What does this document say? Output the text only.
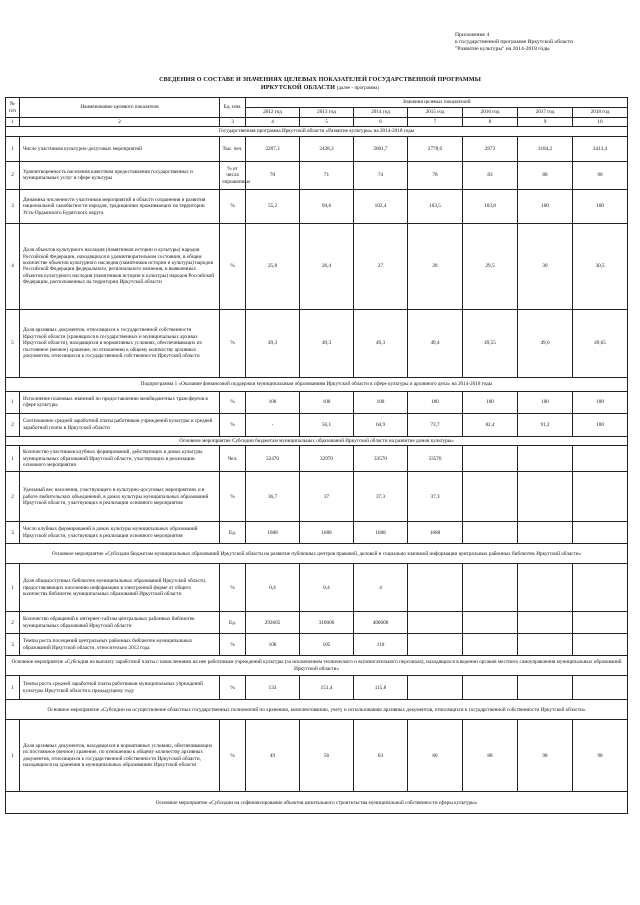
Приложение 4
к государственной программе Иркутской области
"Развитие культуры" на 2014-2018 годы
СВЕДЕНИЯ О СОСТАВЕ И ЗНАЧЕНИЯХ ЦЕЛЕВЫХ ПОКАЗАТЕЛЕЙ ГОСУДАРСТВЕННОЙ ПРОГРАММЫ
ИРКУТСКОЙ ОБЛАСТИ (далее - программа)
№ п/п	Наименование целевого показателя	Ед. изм.	Значения целевых показателей						
			2012 год	2013 год	2014 год	2015 год	2016 год	2017 год	2018 год
1	2	3	4	5	6	7	8	9	10
Государственная программа Иркутской области «Развитие культуры» на 2014-2018 годы									
1	Число участников культурно-досуговых мероприятий	Тыс. чел.	2287,3	2438,3	2601,7	2778,6	2973	3184,2	3413,4
2	Удовлетворенность населения качеством предоставления государственных и муниципальных услуг в сфере культуры	% от числа опрошенных	70	71	74	78	83	88	90
3	Динамика численности участников мероприятий в области сохранения и развития национальной самобытности народов, традиционно проживающих на территории Усть-Ордынского Бурятского округа	%	55,2	94,6	102,4	103,5	103,8	100	100
4	Доля объектов культурного наследия (памятников истории и культуры) народов Российской Федерации, находящихся в удовлетворительном состоянии, в общем количестве объектов культурного наследия (памятников истории и культуры) народов Российской Федерации федерального, регионального значения, и выявленных объектов культурного наследия (памятников истории и культуры) народов Российской Федерации, расположенных на территории Иркутской области	%	25,8	26,4	27	28	29,5	30	30,5
5	Доля архивных документов, относящихся к государственной собственности Иркутской области (хранящихся в государственных и муниципальных архивах Иркутской области), находящихся в нормативных условиях, обеспечивающих их постоянное (вечное) хранение, по отношению к общему количеству архивных документов, относящихся к государственной собственности Иркутской области	%	49,3	49,3	49,3	49,4	49,55	49,6	49,65
Подпрограмма 1 «Оказание финансовой поддержки муниципальным образованиям Иркутской области в сфере культуры и архивного дела» на 2014-2018 годы									
1	Исполнение плановых значений по предоставлению межбюджетных трансфертов в сфере культуры	%	100	100	100	100	100	100	100
2	Соотношение средней заработной платы работников учреждений культуры и средней заработной платы в Иркутской области	%	-	56,1	64,9	73,7	82,4	91,2	100
Основное мероприятие Субсидии бюджетам муниципальных образований Иркутской области на развитие домов культуры»									
1	Количество участников клубных формирований, действующих в домах культуры муниципальных образований Иркутской области, участвующих в реализации основного мероприятия	Чел.	32470	32970	33570	33570			
2	Удельный вес населения, участвующего в культурно-досуговых мероприятиях и в работе любительских объединений, в домах культуры муниципальных образований Иркутской области, участвующих в реализации основного мероприятия	%	36,7	37	37,3	37,3			
3	Число клубных формирований в домах культуры муниципальных образований Иркутской области, участвующих в реализации основного мероприятия	Ед.	1688	1688	1688	1688			
Основное мероприятие «Субсидии бюджетам муниципальных образований Иркутской области на развитие публичных центров правовой, деловой и социально значимой информации центральных районных библиотек Иркутской области»									
1	Доля общедоступных библиотек муниципальных образований Иркутской области, предоставляющих населению информацию в электронной форме от общего количества библиотек муниципальных образований Иркутской области	%	0,4	0,4	4				
2	Количество обращений к интернет-сайтам центральных районных библиотек муниципальных образований Иркутской области	Ед.	293605	310000	400000				
3	Темпы роста посещений центральных районных библиотек муниципальных образований Иркутской области, относительно 2012 года	%	100	105	110				
Основное мероприятие «Субсидия на выплату заработной платы с начислениями на нее работникам учреждений культуры (за исключением технического и вспомогательного персонала), находящихся в ведении органов местного самоуправления муниципальных образований Иркутской области»									
1	Темпы роста средней заработной платы работников муниципальных учреждений культуры Иркутской области к предыдущему году	%	133	151,4	115,8				
Основное мероприятие «Субсидии на осуществление областных государственных полномочий по хранению, комплектованию, учету и использованию архивных документов, относящихся к государственной собственности Иркутской области»									
1	Доля архивных документов, находящихся в нормативных условиях, обеспечивающих их постоянное (вечное) хранение, по отношению к общему количеству архивных документов, относящихся к государственной собственности Иркутской области, находящихся на хранении в муниципальных образованиях Иркутской области	%	49	56	63	80	88	98	98
Основное мероприятие «Субсидии на софинансирование объектов капитального строительства муниципальной собственности сферы культуры»									
